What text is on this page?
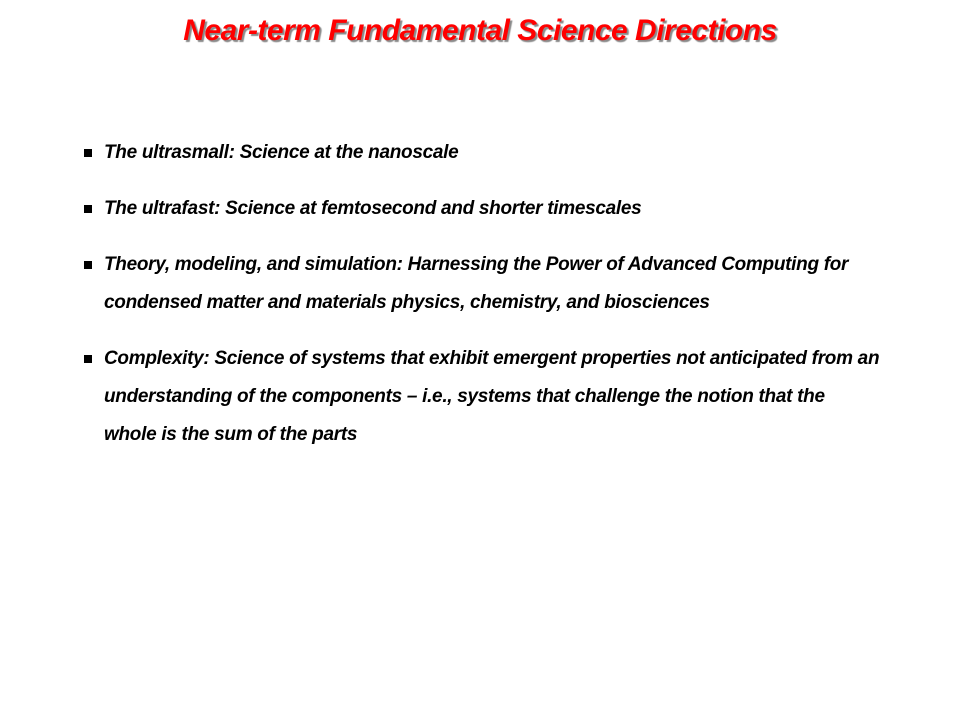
Near-term Fundamental Science Directions
The ultrasmall: Science at the nanoscale
The ultrafast: Science at femtosecond and shorter timescales
Theory, modeling, and simulation: Harnessing the Power of Advanced Computing for condensed matter and materials physics, chemistry, and biosciences
Complexity: Science of systems that exhibit emergent properties not anticipated from an understanding of the components – i.e., systems that challenge the notion that the whole is the sum of the parts
